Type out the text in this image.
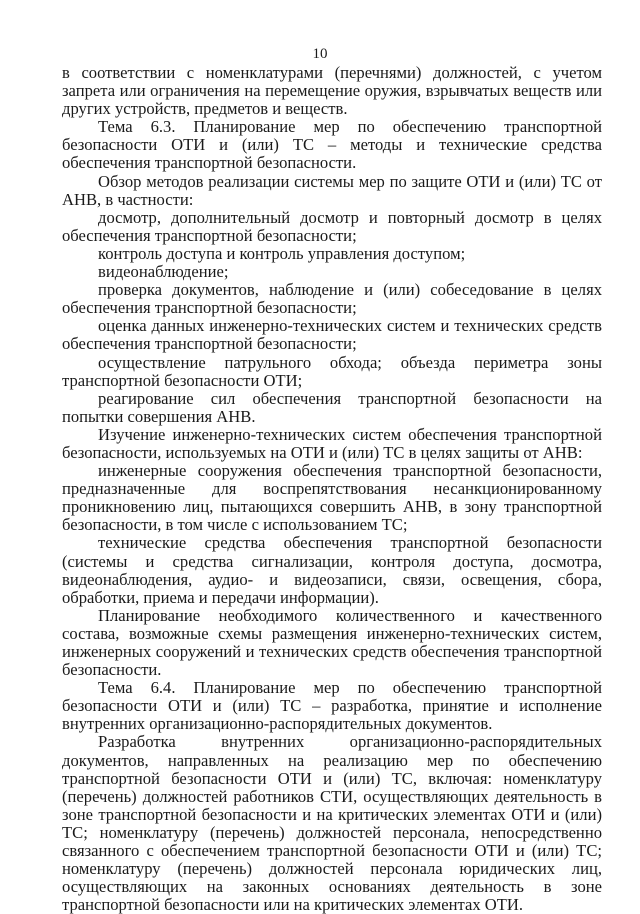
10

в соответствии с номенклатурами (перечнями) должностей, с учетом запрета или ограничения на перемещение оружия, взрывчатых веществ или других устройств, предметов и веществ.

Тема 6.3. Планирование мер по обеспечению транспортной безопасности ОТИ и (или) ТС – методы и технические средства обеспечения транспортной безопасности.

Обзор методов реализации системы мер по защите ОТИ и (или) ТС от АНВ, в частности:

досмотр, дополнительный досмотр и повторный досмотр в целях обеспечения транспортной безопасности;

контроль доступа и контроль управления доступом;

видеонаблюдение;

проверка документов, наблюдение и (или) собеседование в целях обеспечения транспортной безопасности;

оценка данных инженерно-технических систем и технических средств обеспечения транспортной безопасности;

осуществление патрульного обхода; объезда периметра зоны транспортной безопасности ОТИ;

реагирование сил обеспечения транспортной безопасности на попытки совершения АНВ.

Изучение инженерно-технических систем обеспечения транспортной безопасности, используемых на ОТИ и (или) ТС в целях защиты от АНВ:

инженерные сооружения обеспечения транспортной безопасности, предназначенные для воспрепятствования несанкционированному проникновению лиц, пытающихся совершить АНВ, в зону транспортной безопасности, в том числе с использованием ТС;

технические средства обеспечения транспортной безопасности (системы и средства сигнализации, контроля доступа, досмотра, видеонаблюдения, аудио- и видеозаписи, связи, освещения, сбора, обработки, приема и передачи информации).

Планирование необходимого количественного и качественного состава, возможные схемы размещения инженерно-технических систем, инженерных сооружений и технических средств обеспечения транспортной безопасности.

Тема 6.4. Планирование мер по обеспечению транспортной безопасности ОТИ и (или) ТС – разработка, принятие и исполнение внутренних организационно-распорядительных документов.

Разработка внутренних организационно-распорядительных документов, направленных на реализацию мер по обеспечению транспортной безопасности ОТИ и (или) ТС, включая: номенклатуру (перечень) должностей работников СТИ, осуществляющих деятельность в зоне транспортной безопасности и на критических элементах ОТИ и (или) ТС; номенклатуру (перечень) должностей персонала, непосредственно связанного с обеспечением транспортной безопасности ОТИ и (или) ТС; номенклатуру (перечень) должностей персонала юридических лиц, осуществляющих на законных основаниях деятельность в зоне транспортной безопасности или на критических элементах ОТИ.
